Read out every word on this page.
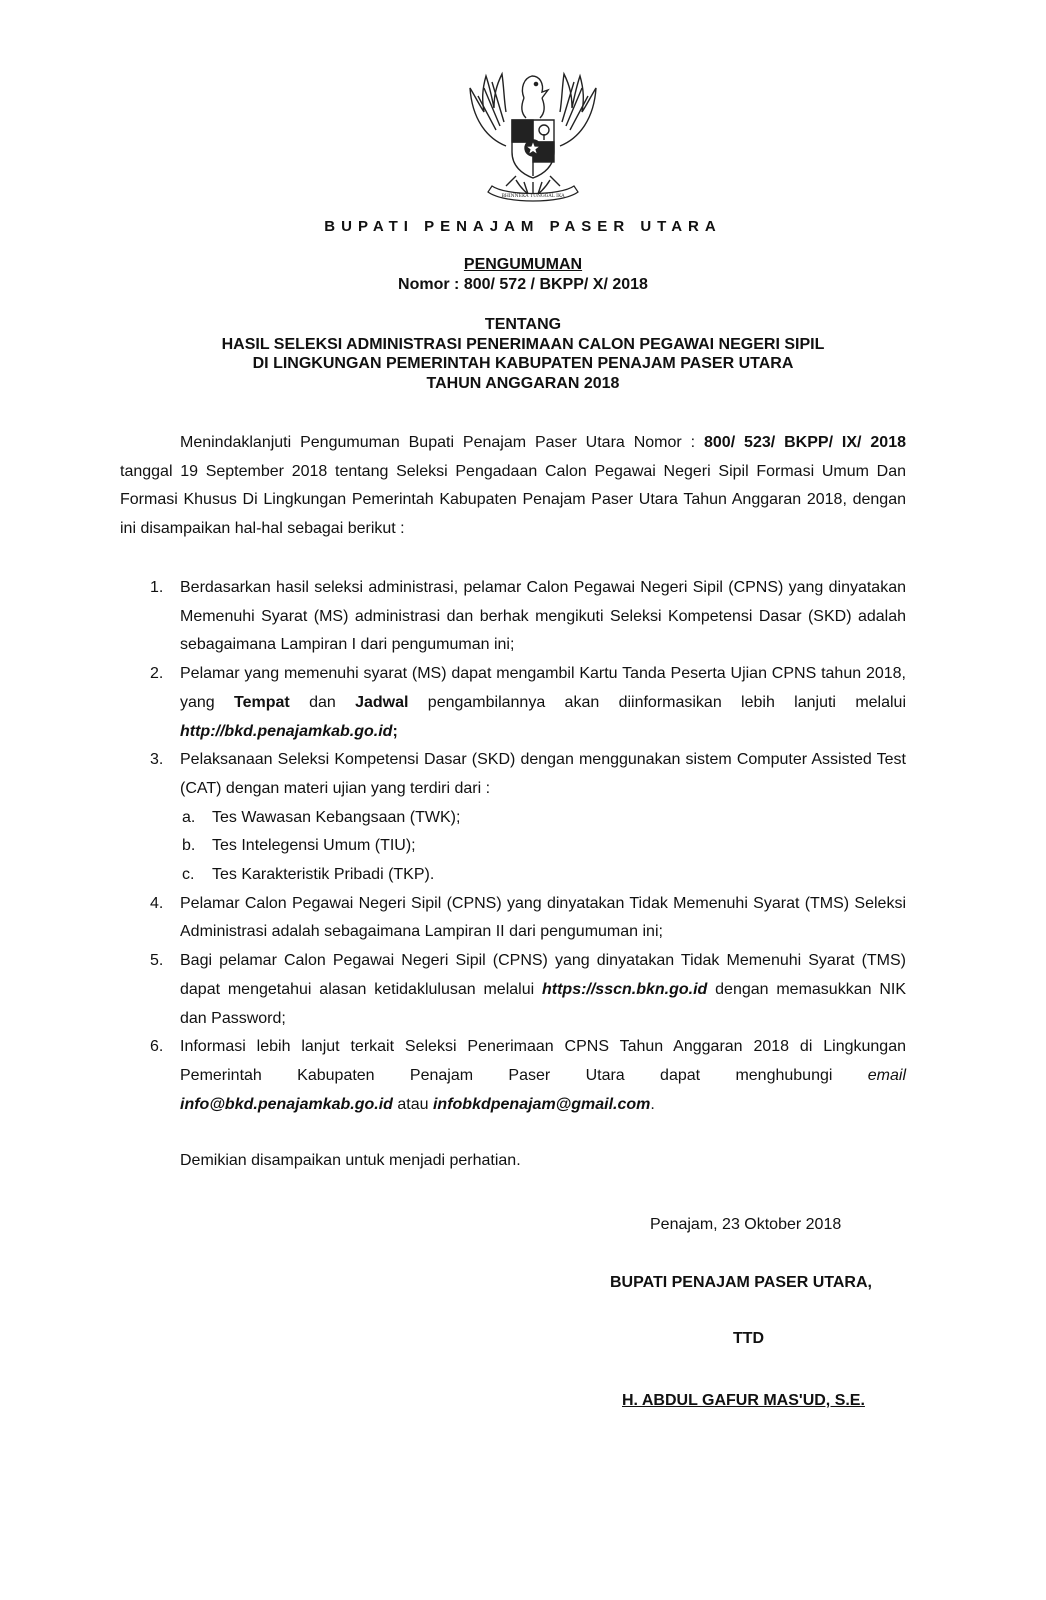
BHINNEKA TUNGGAL IKA
BUPATI PENAJAM PASER UTARA
PENGUMUMAN
Nomor : 800/ 572 / BKPP/ X/ 2018
TENTANG
HASIL SELEKSI ADMINISTRASI PENERIMAAN CALON PEGAWAI NEGERI SIPIL
DI LINGKUNGAN PEMERINTAH KABUPATEN PENAJAM PASER UTARA
TAHUN ANGGARAN 2018
Menindaklanjuti Pengumuman Bupati Penajam Paser Utara Nomor : 800/ 523/ BKPP/ IX/ 2018 tanggal 19 September 2018 tentang Seleksi Pengadaan Calon Pegawai Negeri Sipil Formasi Umum Dan Formasi Khusus Di Lingkungan Pemerintah Kabupaten Penajam Paser Utara Tahun Anggaran 2018, dengan ini disampaikan hal-hal sebagai berikut :
1.	Berdasarkan hasil seleksi administrasi, pelamar Calon Pegawai Negeri Sipil (CPNS) yang dinyatakan Memenuhi Syarat (MS) administrasi dan berhak mengikuti Seleksi Kompetensi Dasar (SKD) adalah sebagaimana Lampiran I dari pengumuman ini;
2.	Pelamar yang memenuhi syarat (MS) dapat mengambil Kartu Tanda Peserta Ujian CPNS tahun 2018, yang Tempat dan Jadwal pengambilannya akan diinformasikan lebih lanjuti melalui http://bkd.penajamkab.go.id;
3.	Pelaksanaan Seleksi Kompetensi Dasar (SKD) dengan menggunakan sistem Computer Assisted Test (CAT) dengan materi ujian yang terdiri dari :
a. Tes Wawasan Kebangsaan (TWK);
b. Tes Intelegensi Umum (TIU);
c. Tes Karakteristik Pribadi (TKP).
4.	Pelamar Calon Pegawai Negeri Sipil (CPNS) yang dinyatakan Tidak Memenuhi Syarat (TMS) Seleksi Administrasi adalah sebagaimana Lampiran II dari pengumuman ini;
5.	Bagi pelamar Calon Pegawai Negeri Sipil (CPNS) yang dinyatakan Tidak Memenuhi Syarat (TMS) dapat mengetahui alasan ketidaklulusan melalui https://sscn.bkn.go.id dengan memasukkan NIK dan Password;
6.	Informasi lebih lanjut terkait Seleksi Penerimaan CPNS Tahun Anggaran 2018 di Lingkungan Pemerintah Kabupaten Penajam Paser Utara dapat menghubungi email info@bkd.penajamkab.go.id atau infobkdpenajam@gmail.com.
Demikian disampaikan untuk menjadi perhatian.
Penajam, 23 Oktober 2018
BUPATI PENAJAM PASER UTARA,
TTD
H. ABDUL GAFUR MAS'UD, S.E.
